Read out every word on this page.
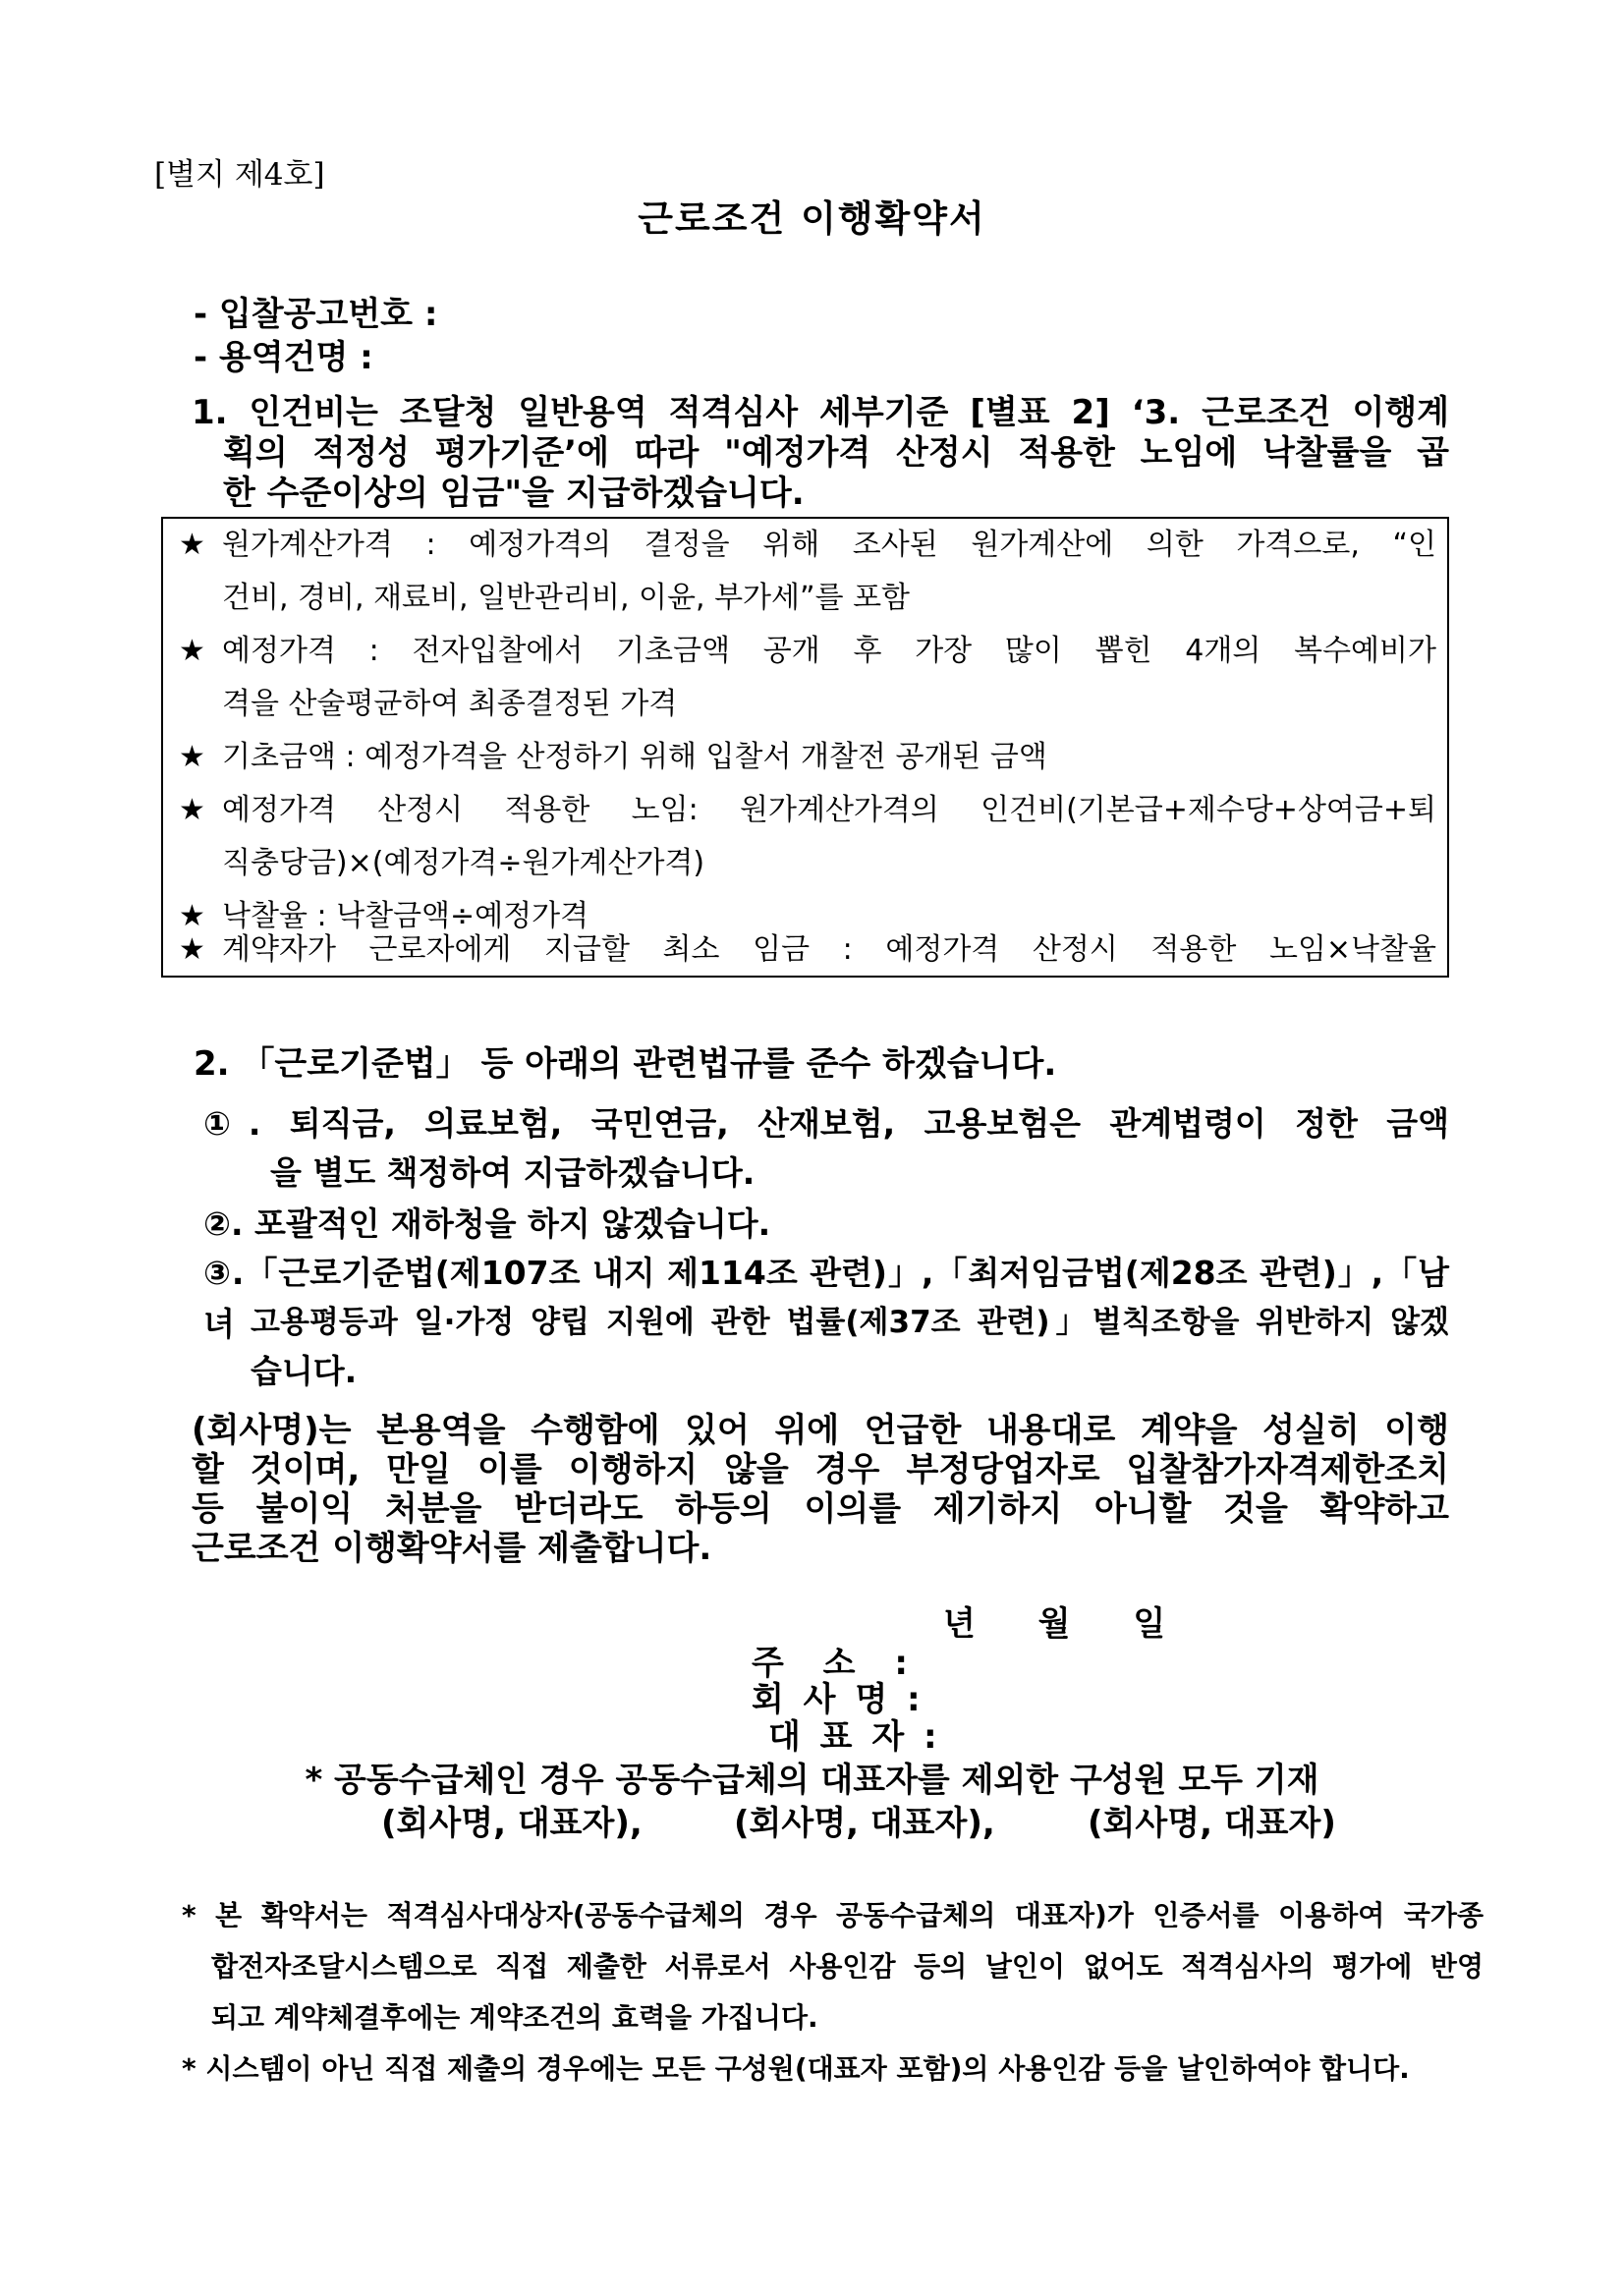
[별지 제4호]
근로조건 이행확약서
- 입찰공고번호 :
- 용역건명 :
1. 인건비는 조달청 일반용역 적격심사 세부기준 [별표 2] ‘3. 근로조건 이행계
획의 적정성 평가기준’에 따라 "예정가격 산정시 적용한 노임에 낙찰률을 곱
한 수준이상의 임금"을 지급하겠습니다.
★ 원가계산가격 : 예정가격의 결정을 위해 조사된 원가계산에 의한 가격으로, “인
건비, 경비, 재료비, 일반관리비, 이윤, 부가세”를 포함
★ 예정가격 : 전자입찰에서 기초금액 공개 후 가장 많이 뽑힌 4개의 복수예비가
격을 산술평균하여 최종결정된 가격
★ 기초금액 : 예정가격을 산정하기 위해 입찰서 개찰전 공개된 금액
★ 예정가격 산정시 적용한 노임: 원가계산가격의 인건비(기본급+제수당+상여금+퇴
직충당금)×(예정가격÷원가계산가격)
★ 낙찰율 : 낙찰금액÷예정가격
★ 계약자가 근로자에게 지급할 최소 임금 : 예정가격 산정시 적용한 노임×낙찰율
2. 「근로기준법」 등 아래의 관련법규를 준수 하겠습니다.
①. 퇴직금, 의료보험, 국민연금, 산재보험, 고용보험은 관계법령이 정한 금액
을 별도 책정하여 지급하겠습니다.
②. 포괄적인 재하청을 하지 않겠습니다.
③.「근로기준법(제107조 내지 제114조 관련)」,「최저임금법(제28조 관련)」,「남녀 고용평등과 일·가정 양립 지원에 관한 법률(제37조 관련)」벌칙조항을 위반하지 않겠
습니다.
(회사명)는 본용역을 수행함에 있어 위에 언급한 내용대로 계약을 성실히 이행
할 것이며, 만일 이를 이행하지 않을 경우 부정당업자로 입찰참가자격제한조치
등 불이익 처분을 받더라도 하등의 이의를 제기하지 아니할 것을 확약하고
근로조건 이행확약서를 제출합니다.
년 월 일
주 소 :
회 사 명 :
대 표 자 :
* 공동수급체인 경우 공동수급체의 대표자를 제외한 구성원 모두 기재
(회사명, 대표자),	(회사명, 대표자),	(회사명, 대표자)
* 본 확약서는 적격심사대상자(공동수급체의 경우 공동수급체의 대표자)가 인증서를 이용하여 국가종
합전자조달시스템으로 직접 제출한 서류로서 사용인감 등의 날인이 없어도 적격심사의 평가에 반영
되고 계약체결후에는 계약조건의 효력을 가집니다.
* 시스템이 아닌 직접 제출의 경우에는 모든 구성원(대표자 포함)의 사용인감 등을 날인하여야 합니다.
